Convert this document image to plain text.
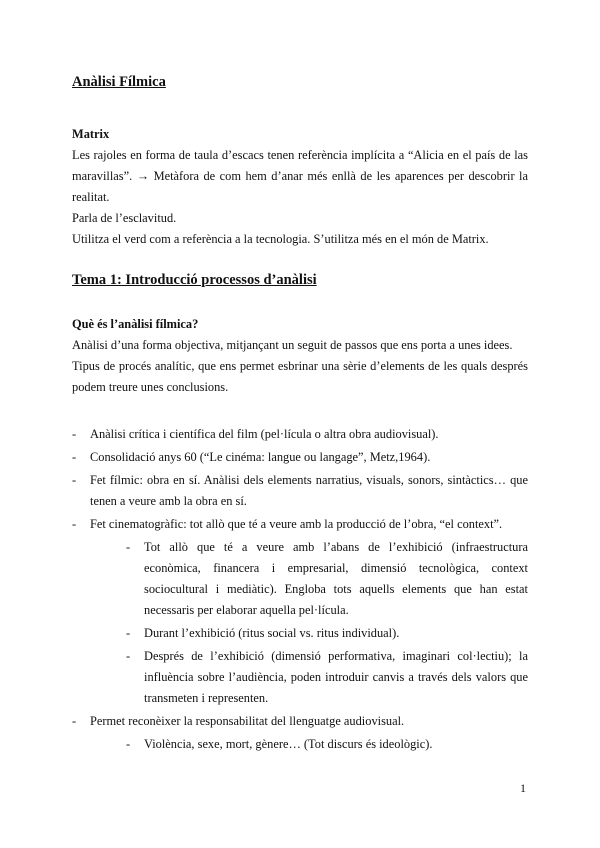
Anàlisi Fílmica
Matrix

Les rajoles en forma de taula d’escacs tenen referència implícita a “Alicia en el país de las maravillas”. → Metàfora de com hem d’anar més enllà de les aparences per descobrir la realitat.

Parla de l’esclavitud.

Utilitza el verd com a referència a la tecnologia. S’utilitza més en el món de Matrix.

Tema 1: Introducció processos d’anàlisi
Què és l’anàlisi fílmica?

Anàlisi d’una forma objectiva, mitjançant un seguit de passos que ens porta a unes idees.

Tipus de procés analític, que ens permet esbrinar una sèrie d’elements de les quals després podem treure unes conclusions.

- Anàlisi crítica i científica del film (pel·lícula o altra obra audiovisual).
- Consolidació anys 60 (“Le cinéma: langue ou langage”, Metz,1964).
- Fet fílmic: obra en sí. Anàlisi dels elements narratius, visuals, sonors, sintàctics… que tenen a veure amb la obra en sí.
- Fet cinematogràfic: tot allò que té a veure amb la producció de l’obra, “el context”.
- Tot allò que té a veure amb l’abans de l’exhibició (infraestructura econòmica, financera i empresarial, dimensió tecnològica, context sociocultural i mediàtic). Engloba tots aquells elements que han estat necessaris per elaborar aquella pel·lícula.
- Durant l’exhibició (ritus social vs. ritus individual).
- Després de l’exhibició (dimensió performativa, imaginari col·lectiu); la influència sobre l’audiència, poden introduir canvis a través dels valors que transmeten i representen.
- Permet reconèixer la responsabilitat del llenguatge audiovisual.
- Violència, sexe, mort, gènere… (Tot discurs és ideològic).
1
